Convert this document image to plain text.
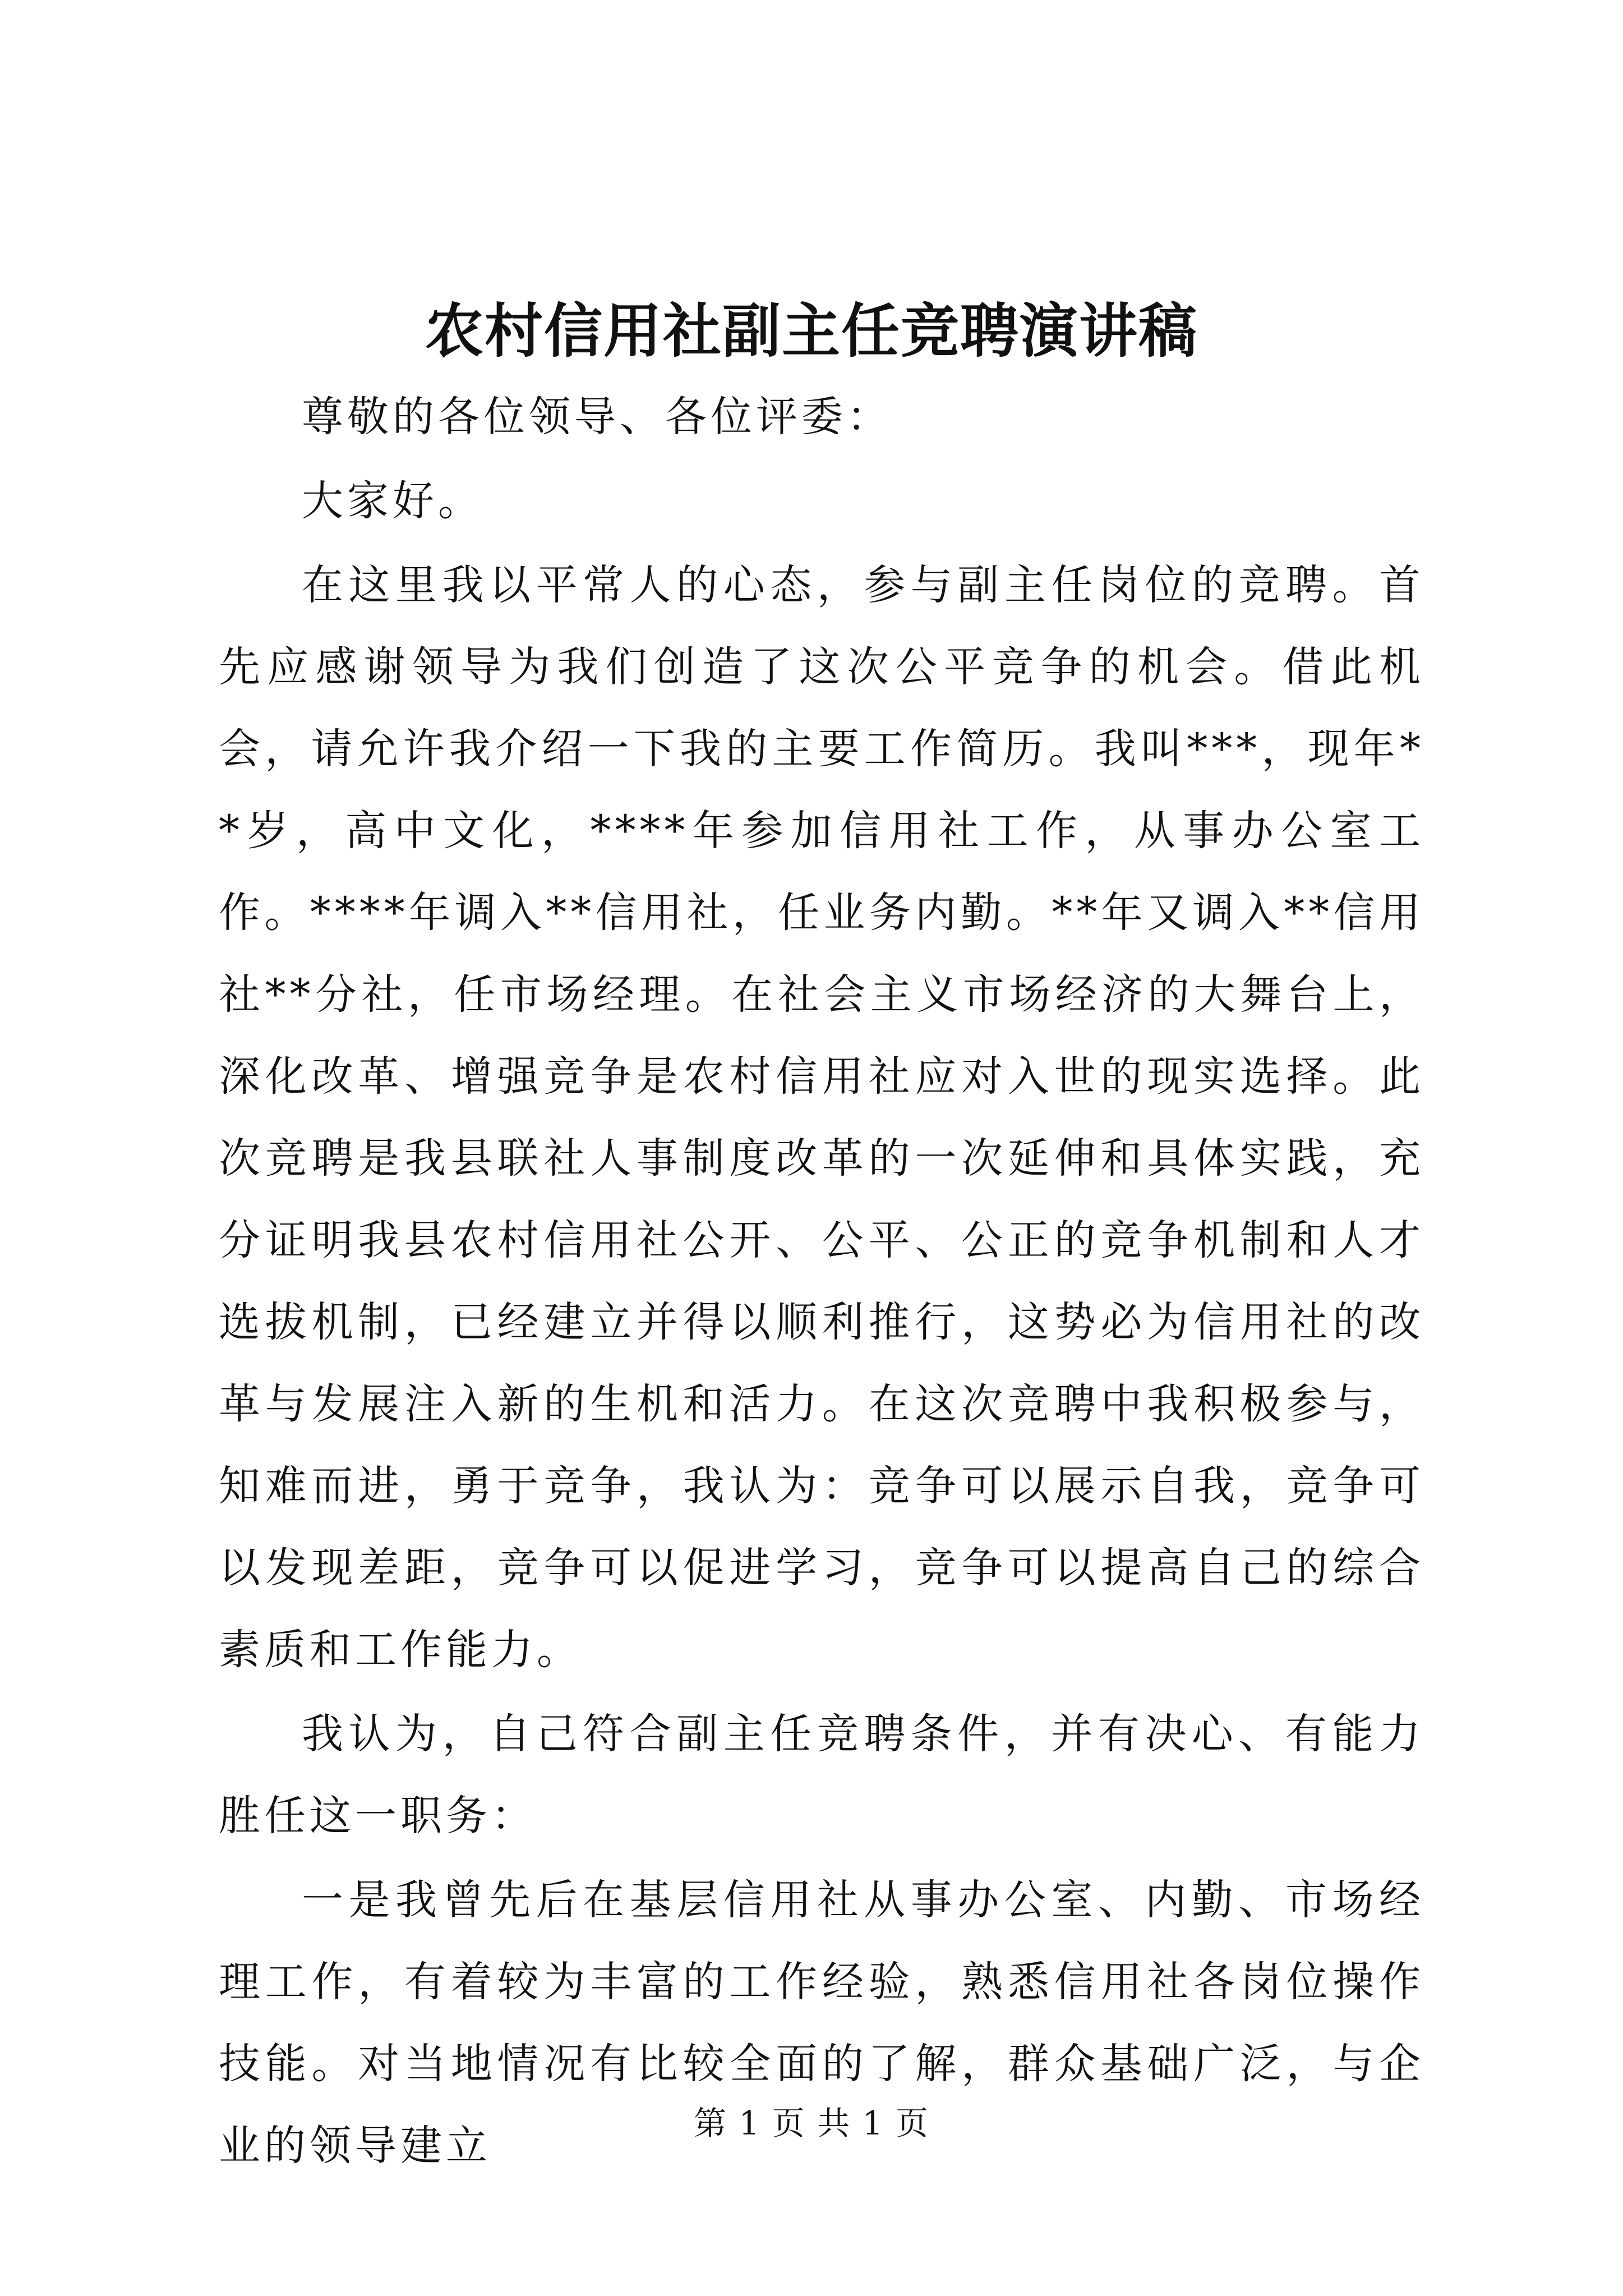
农村信用社副主任竞聘演讲稿

尊敬的各位领导、各位评委：

大家好。

在这里我以平常人的心态，参与副主任岗位的竞聘。首先应感谢领导为我们创造了这次公平竞争的机会。借此机会，请允许我介绍一下我的主要工作简历。我叫***，现年**岁，高中文化，****年参加信用社工作，从事办公室工作。****年调入**信用社，任业务内勤。**年又调入**信用社**分社，任市场经理。在社会主义市场经济的大舞台上，深化改革、增强竞争是农村信用社应对入世的现实选择。此次竞聘是我县联社人事制度改革的一次延伸和具体实践，充分证明我县农村信用社公开、公平、公正的竞争机制和人才选拔机制，已经建立并得以顺利推行，这势必为信用社的改革与发展注入新的生机和活力。在这次竞聘中我积极参与，知难而进，勇于竞争，我认为：竞争可以展示自我，竞争可以发现差距，竞争可以促进学习，竞争可以提高自己的综合素质和工作能力。

我认为，自己符合副主任竞聘条件，并有决心、有能力胜任这一职务：

一是我曾先后在基层信用社从事办公室、内勤、市场经理工作，有着较为丰富的工作经验，熟悉信用社各岗位操作技能。对当地情况有比较全面的了解，群众基础广泛，与企业的领导建立	第 1 页 共 1 页
